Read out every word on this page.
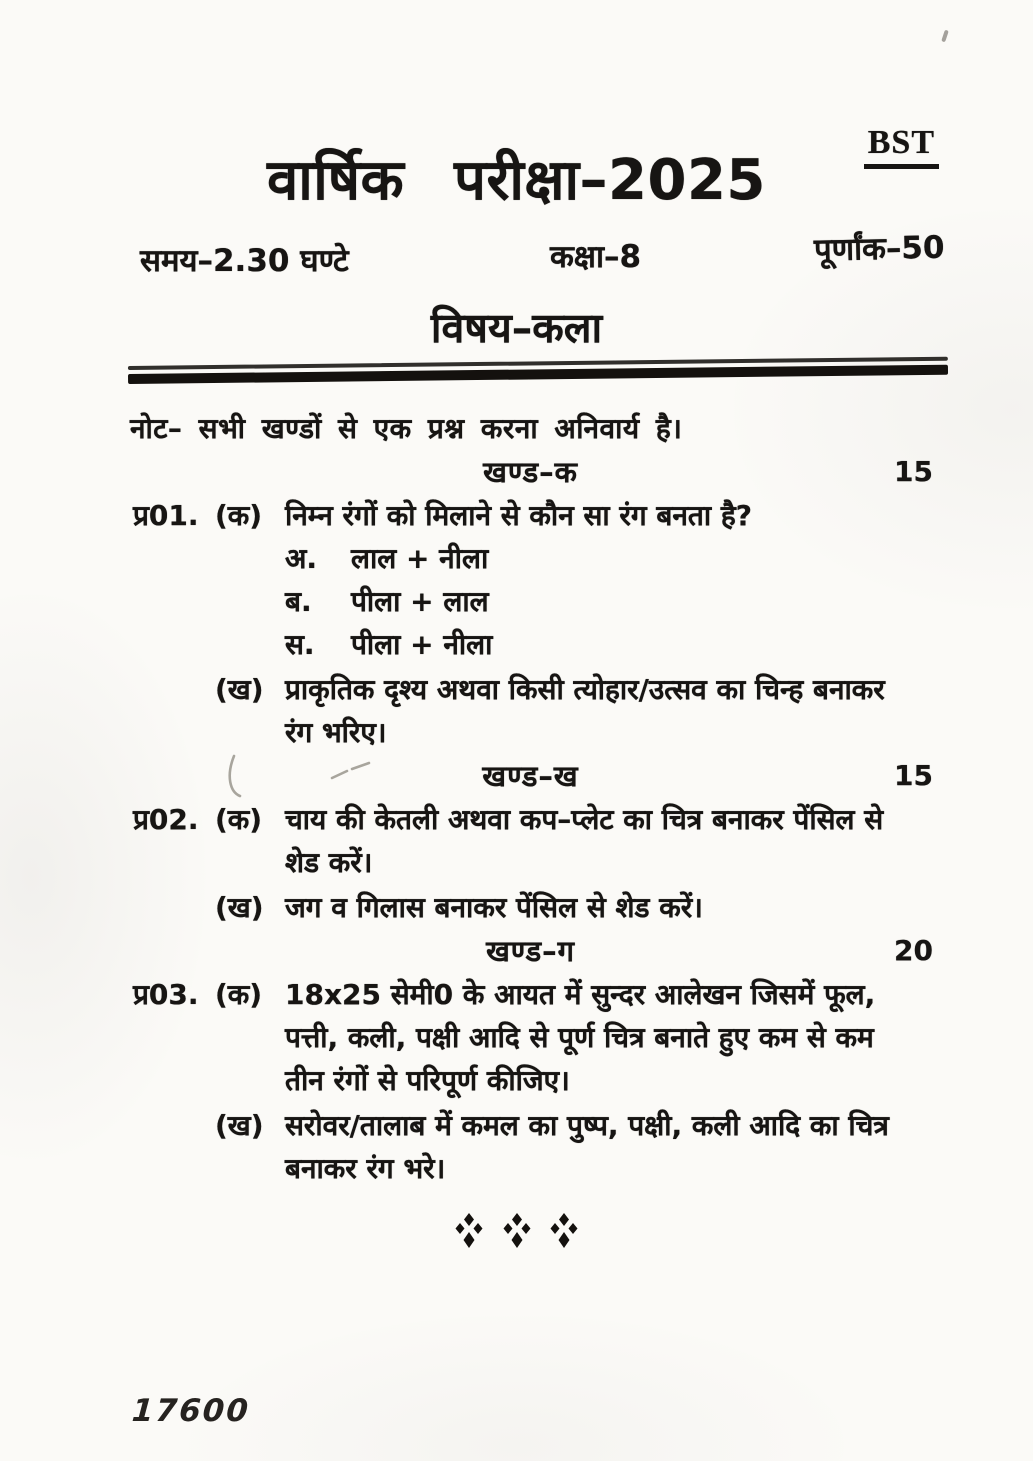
BST
वार्षिक परीक्षा–2025
समय–2.30 घण्टे	कक्षा–8	पूर्णांक–50
विषय–कला
नोट– सभी खण्डों से एक प्रश्न करना अनिवार्य है।
खण्ड–क	15
प्र01. (क) निम्न रंगों को मिलाने से कौन सा रंग बनता है?
अ.	लाल + नीला
ब.	पीला + लाल
स.	पीला + नीला
(ख) प्राकृतिक दृश्य अथवा किसी त्योहार/उत्सव का चिन्ह बनाकर
रंग भरिए।
खण्ड–ख	15
प्र02. (क) चाय की केतली अथवा कप–प्लेट का चित्र बनाकर पेंसिल से
शेड करें।
(ख) जग व गिलास बनाकर पेंसिल से शेड करें।
खण्ड–ग	20
प्र03. (क) 18x25 सेमी0 के आयत में सुन्दर आलेखन जिसमें फूल,
पत्ती, कली, पक्षी आदि से पूर्ण चित्र बनाते हुए कम से कम
तीन रंगों से परिपूर्ण कीजिए।
(ख) सरोवर/तालाब में कमल का पुष्प, पक्षी, कली आदि का चित्र
बनाकर रंग भरे।

17600
